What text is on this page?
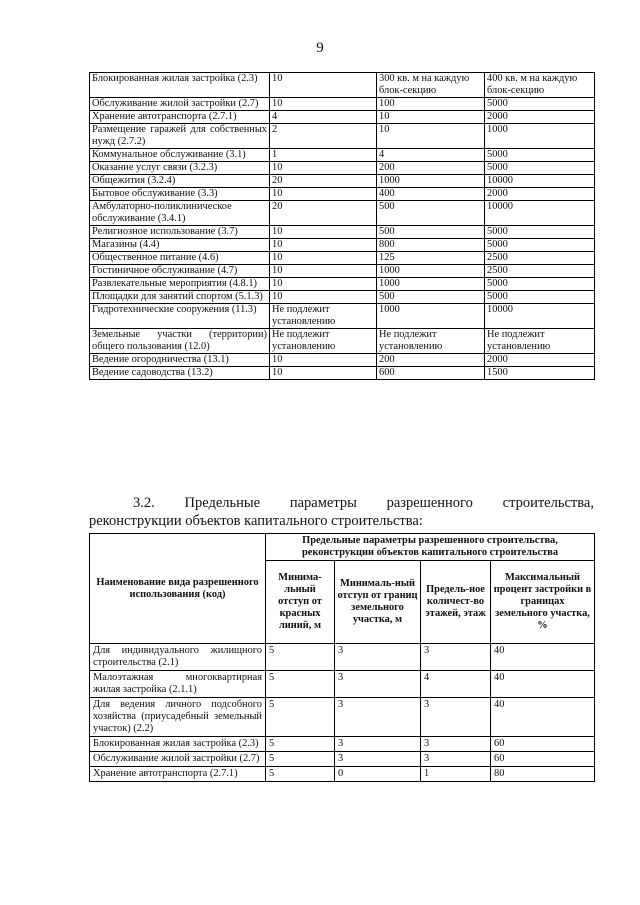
9
Блокированная жилая застройка (2.3)	10	300 кв. м на каждую блок-секцию	400 кв. м на каждую блок-секцию
Обслуживание жилой застройки (2.7)	10	100	5000
Хранение автотранспорта (2.7.1)	4	10	2000
Размещение гаражей для собственных нужд (2.7.2)	2	10	1000
Коммунальное обслуживание (3.1)	1	4	5000
Оказание услуг связи (3.2.3)	10	200	5000
Общежития (3.2.4)	20	1000	10000
Бытовое обслуживание (3.3)	10	400	2000
Амбулаторно-поликлиническое обслуживание (3.4.1)	20	500	10000
Религиозное использование (3.7)	10	500	5000
Магазины (4.4)	10	800	5000
Общественное питание (4.6)	10	125	2500
Гостиничное обслуживание (4.7)	10	1000	2500
Развлекательные мероприятия (4.8.1)	10	1000	5000
Площадки для занятий спортом (5.1.3)	10	500	5000
Гидротехнические сооружения (11.3)	Не подлежит установлению	1000	10000
Земельные участки (территории) общего пользования (12.0)	Не подлежит установлению	Не подлежит установлению	Не подлежит установлению
Ведение огородничества (13.1)	10	200	2000
Ведение садоводства (13.2)	10	600	1500
3.2. Предельные параметры разрешенного строительства,
реконструкции объектов капитального строительства:
Наименование вида разрешенного использования (код)	Предельные параметры разрешенного строительства, реконструкции объектов капитального строительства			
	Минима-льный отступ от красных линий, м	Минималь-ный отступ от границ земельного участка, м	Предель-ное количест-во этажей, этаж	Максимальный процент застройки в границах земельного участка, %
Для индивидуального жилищного строительства (2.1)	5	3	3	40
Малоэтажная многоквартирная жилая застройка (2.1.1)	5	3	4	40
Для ведения личного подсобного хозяйства (приусадебный земельный участок) (2.2)	5	3	3	40
Блокированная жилая застройка (2.3)	5	3	3	60
Обслуживание жилой застройки (2.7)	5	3	3	60
Хранение автотранспорта (2.7.1)	5	0	1	80
